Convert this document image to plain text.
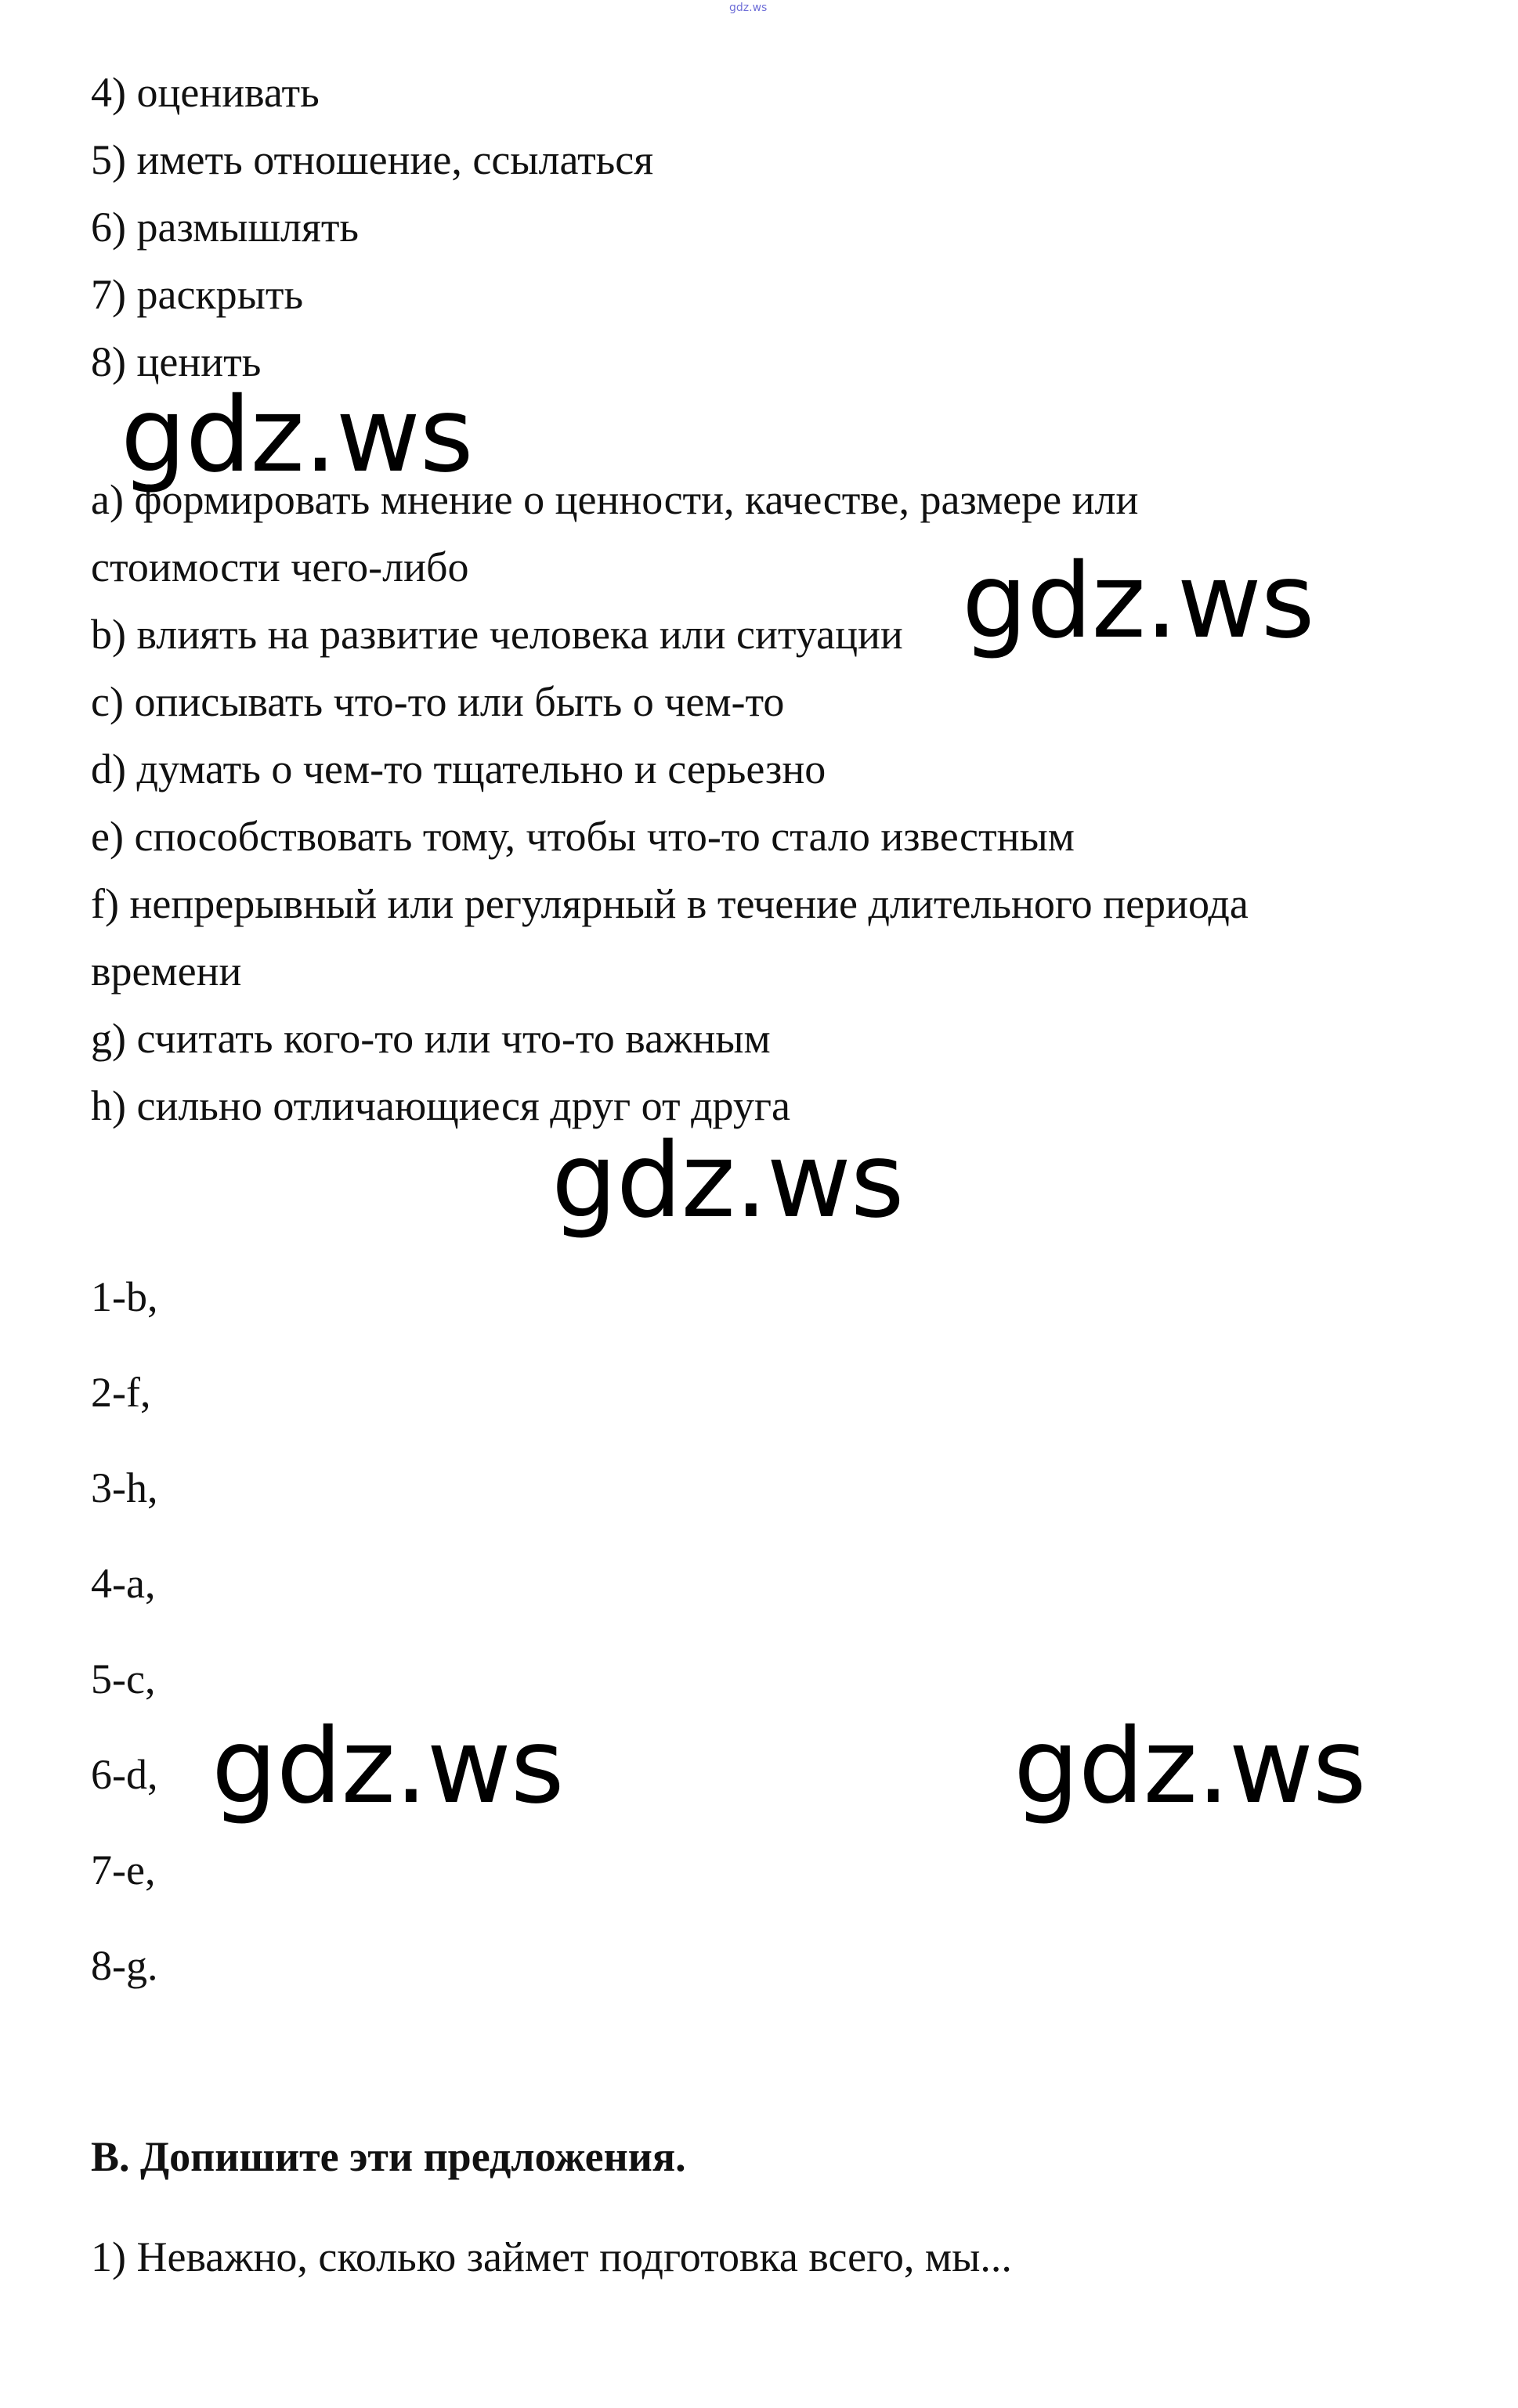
gdz.ws

4) оценивать

5) иметь отношение, ссылаться

6) размышлять

7) раскрыть

8) ценить

a) формировать мнение о ценности, качестве, размере или

стоимости чего-либо

b) влиять на развитие человека или ситуации

c) описывать что-то или быть о чем-то

d) думать о чем-то тщательно и серьезно

e) способствовать тому, чтобы что-то стало известным

f) непрерывный или регулярный в течение длительного периода

времени

g) считать кого-то или что-то важным

h) сильно отличающиеся друг от друга

1-b,

2-f,

3-h,

4-a,

5-c,

6-d,

7-e,

8-g.

B. Допишите эти предложения.

1) Неважно, сколько займет подготовка всего, мы...

gdz.ws
gdz.ws
gdz.ws
gdz.ws	gdz.ws
